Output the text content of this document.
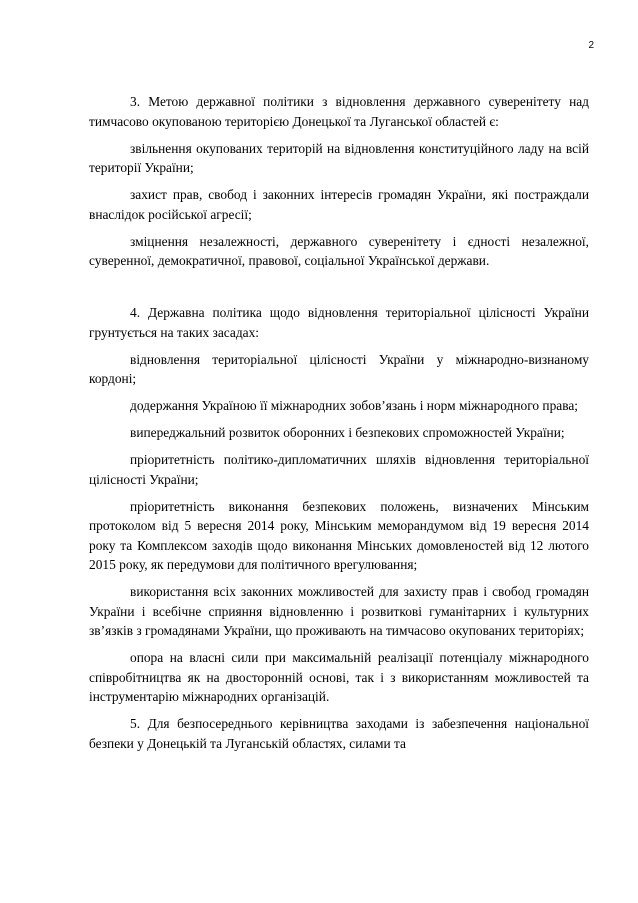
2

3. Метою державної політики з відновлення державного суверенітету над тимчасово окупованою територією Донецької та Луганської областей є:

звільнення окупованих територій на відновлення конституційного ладу на всій території України;

захист прав, свобод і законних інтересів громадян України, які постраждали внаслідок російської агресії;

зміцнення незалежності, державного суверенітету і єдності незалежної, суверенної, демократичної, правової, соціальної Української держави.

4. Державна політика щодо відновлення територіальної цілісності України грунтується на таких засадах:

відновлення територіальної цілісності України у міжнародно-визнаному кордоні;

додержання Україною її міжнародних зобов’язань і норм міжнародного права;

випереджальний розвиток оборонних і безпекових спроможностей України;

пріоритетність політико-дипломатичних шляхів відновлення територіальної цілісності України;

пріоритетність виконання безпекових положень, визначених Мінським протоколом від 5 вересня 2014 року, Мінським меморандумом від 19 вересня 2014 року та Комплексом заходів щодо виконання Мінських домовленостей від 12 лютого 2015 року, як передумови для політичного врегулювання;

використання всіх законних можливостей для захисту прав і свобод громадян України і всебічне сприяння відновленню і розвиткові гуманітарних і культурних зв’язків з громадянами України, що проживають на тимчасово окупованих територіях;

опора на власні сили при максимальній реалізації потенціалу міжнародного співробітництва як на двосторонній основі, так і з використанням можливостей та інструментарію міжнародних організацій.

5. Для безпосереднього керівництва заходами із забезпечення національної безпеки у Донецькій та Луганській областях, силами та
